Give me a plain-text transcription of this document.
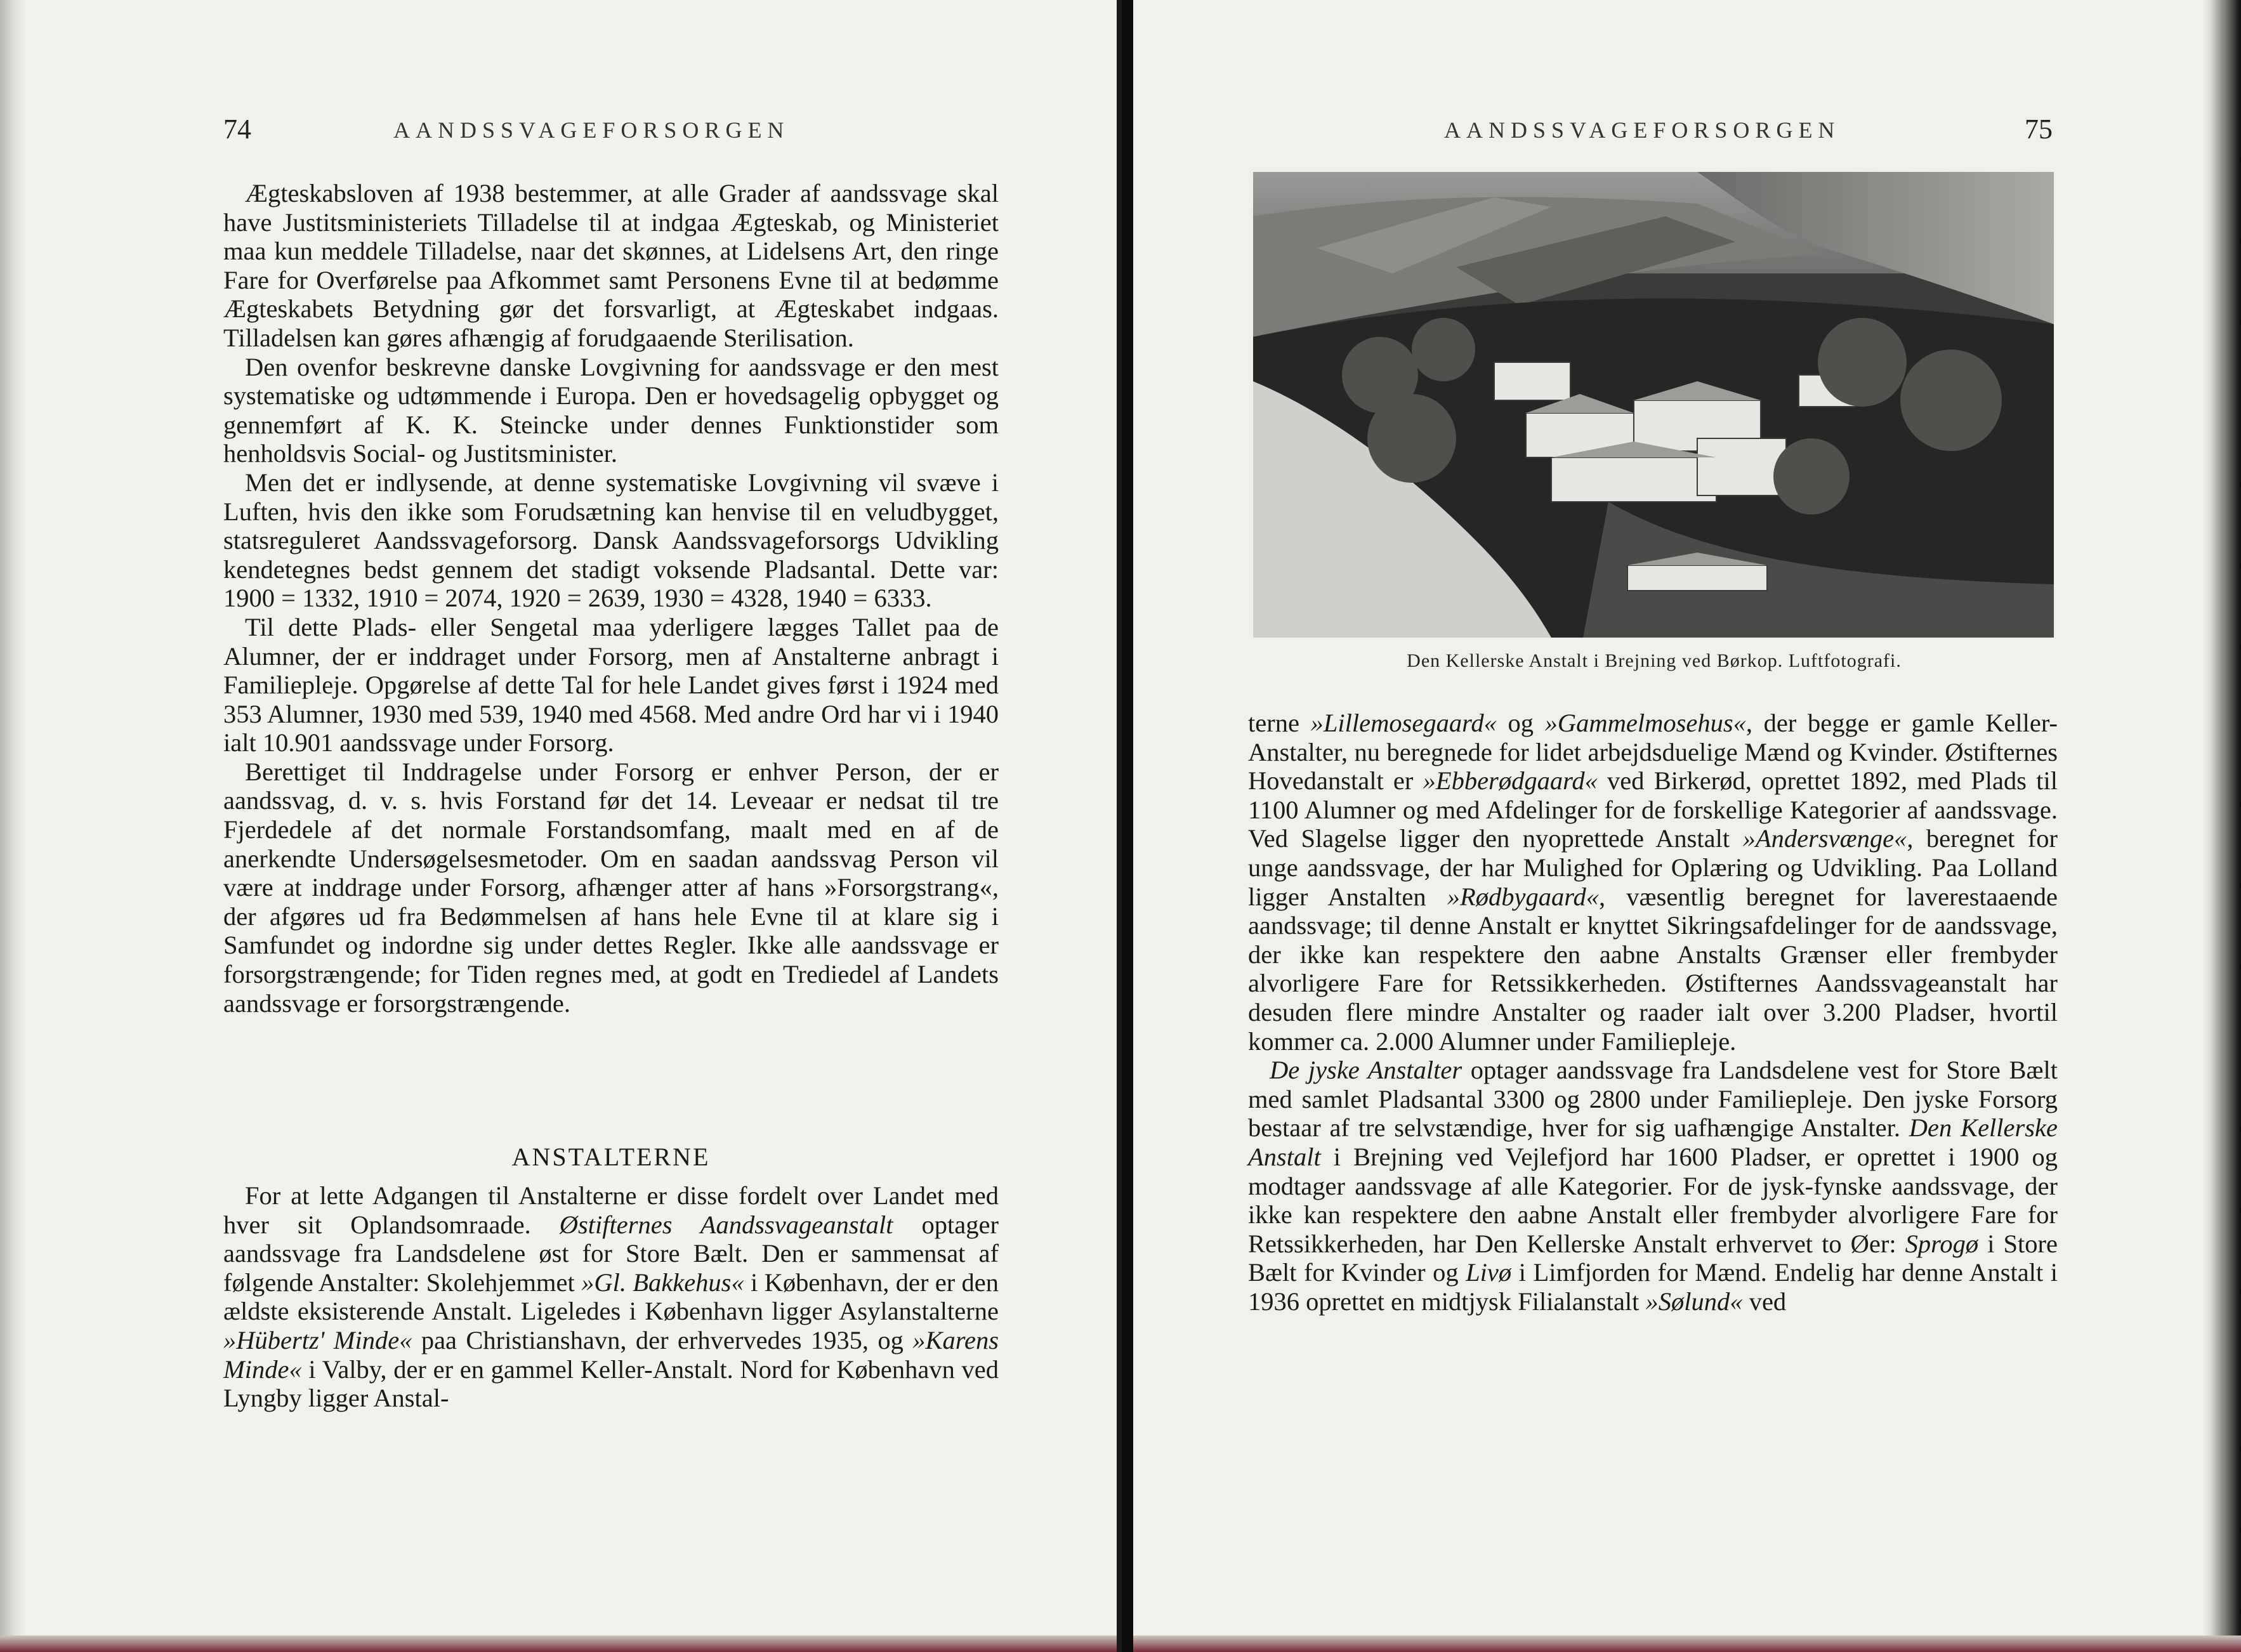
74	AANDSSVAGEFORSORGEN

Ægteskabsloven af 1938 bestemmer, at alle Grader af aandssvage skal have Justitsministeriets Tilladelse til at indgaa Ægteskab, og Ministeriet maa kun meddele Tilladelse, naar det skønnes, at Lidelsens Art, den ringe Fare for Overførelse paa Afkommet samt Personens Evne til at bedømme Ægteskabets Betydning gør det forsvarligt, at Ægteskabet indgaas. Tilladelsen kan gøres afhængig af forudgaaende Sterilisation.

Den ovenfor beskrevne danske Lovgivning for aandssvage er den mest systematiske og udtømmende i Europa. Den er hovedsagelig opbygget og gennemført af K. K. Steincke under dennes Funktionstider som henholdsvis Social- og Justitsminister.

Men det er indlysende, at denne systematiske Lovgivning vil svæve i Luften, hvis den ikke som Forudsætning kan henvise til en veludbygget, statsreguleret Aandssvageforsorg. Dansk Aandssvageforsorgs Udvikling kendetegnes bedst gennem det stadigt voksende Pladsantal. Dette var: 1900 = 1332, 1910 = 2074, 1920 = 2639, 1930 = 4328, 1940 = 6333.

Til dette Plads- eller Sengetal maa yderligere lægges Tallet paa de Alumner, der er inddraget under Forsorg, men af Anstalterne anbragt i Familiepleje. Opgørelse af dette Tal for hele Landet gives først i 1924 med 353 Alumner, 1930 med 539, 1940 med 4568. Med andre Ord har vi i 1940 ialt 10.901 aandssvage under Forsorg.

Berettiget til Inddragelse under Forsorg er enhver Person, der er aandssvag, d. v. s. hvis Forstand før det 14. Leveaar er nedsat til tre Fjerdedele af det normale Forstandsomfang, maalt med en af de anerkendte Undersøgelsesmetoder. Om en saadan aandssvag Person vil være at inddrage under Forsorg, afhænger atter af hans »Forsorgstrang«, der afgøres ud fra Bedømmelsen af hans hele Evne til at klare sig i Samfundet og indordne sig under dettes Regler. Ikke alle aandssvage er forsorgstrængende; for Tiden regnes med, at godt en Trediedel af Landets aandssvage er forsorgstrængende.

ANSTALTERNE

For at lette Adgangen til Anstalterne er disse fordelt over Landet med hver sit Oplandsomraade. Østifternes Aandssvageanstalt optager aandssvage fra Landsdelene øst for Store Bælt. Den er sammensat af følgende Anstalter: Skolehjemmet »Gl. Bakkehus« i København, der er den ældste eksisterende Anstalt. Ligeledes i København ligger Asylanstalterne »Hübertz' Minde« paa Christianshavn, der erhvervedes 1935, og »Karens Minde« i Valby, der er en gammel Keller-Anstalt. Nord for København ved Lyngby ligger Anstal-

AANDSSVAGEFORSORGEN	75
Den Kellerske Anstalt i Brejning ved Børkop. Luftfotografi.

terne »Lillemosegaard« og »Gammelmosehus«, der begge er gamle Keller-Anstalter, nu beregnede for lidet arbejdsduelige Mænd og Kvinder. Østifternes Hovedanstalt er »Ebberødgaard« ved Birkerød, oprettet 1892, med Plads til 1100 Alumner og med Afdelinger for de forskellige Kategorier af aandssvage. Ved Slagelse ligger den nyoprettede Anstalt »Andersvænge«, beregnet for unge aandssvage, der har Mulighed for Oplæring og Udvikling. Paa Lolland ligger Anstalten »Rødbygaard«, væsentlig beregnet for laverestaaende aandssvage; til denne Anstalt er knyttet Sikringsafdelinger for de aandssvage, der ikke kan respektere den aabne Anstalts Grænser eller frembyder alvorligere Fare for Retssikkerheden. Østifternes Aandssvageanstalt har desuden flere mindre Anstalter og raader ialt over 3.200 Pladser, hvortil kommer ca. 2.000 Alumner under Familiepleje.

De jyske Anstalter optager aandssvage fra Landsdelene vest for Store Bælt med samlet Pladsantal 3300 og 2800 under Familiepleje. Den jyske Forsorg bestaar af tre selvstændige, hver for sig uafhængige Anstalter. Den Kellerske Anstalt i Brejning ved Vejlefjord har 1600 Pladser, er oprettet i 1900 og modtager aandssvage af alle Kategorier. For de jysk-fynske aandssvage, der ikke kan respektere den aabne Anstalt eller frembyder alvorligere Fare for Retssikkerheden, har Den Kellerske Anstalt erhvervet to Øer: Sprogø i Store Bælt for Kvinder og Livø i Limfjorden for Mænd. Endelig har denne Anstalt i 1936 oprettet en midtjysk Filialanstalt »Sølund« ved
